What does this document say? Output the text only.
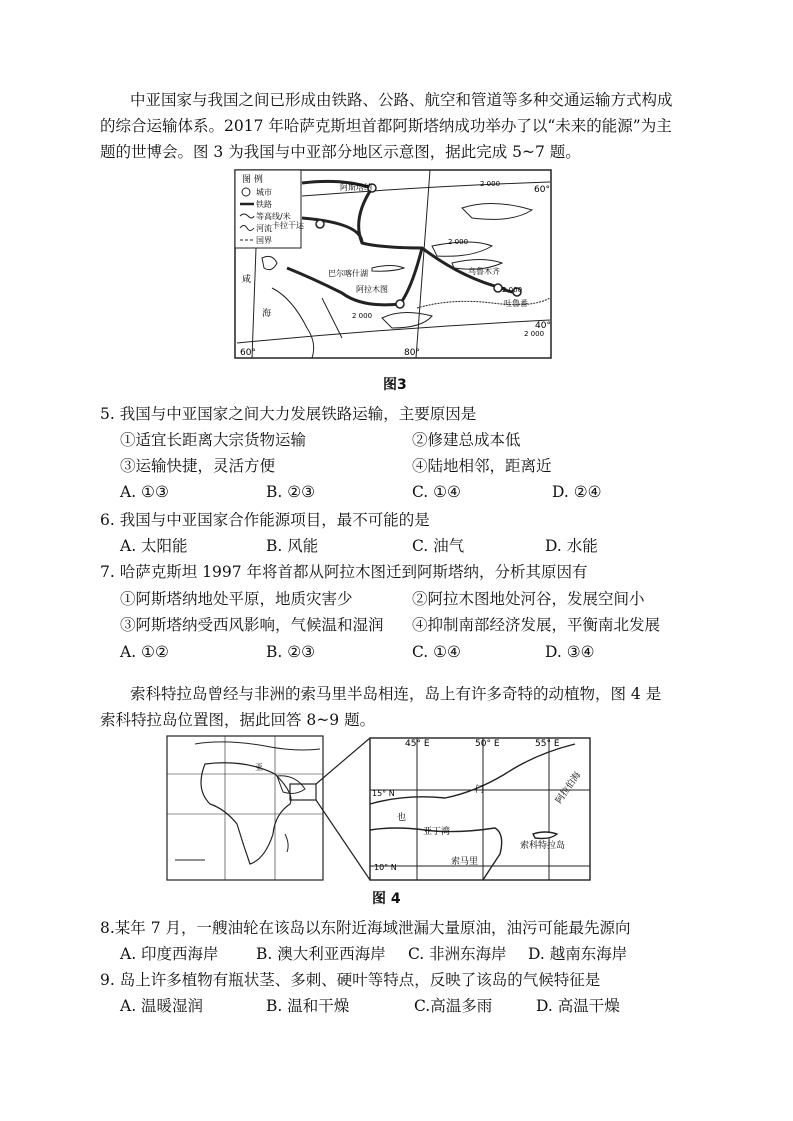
中亚国家与我国之间已形成由铁路、公路、航空和管道等多种交通运输方式构成
的综合运输体系。2017 年哈萨克斯坦首都阿斯塔纳成功举办了以“未来的能源”为主
题的世博会。图 3 为我国与中亚部分地区示意图，据此完成 5~7 题。
图 例
城市
铁路
等高线/米
河流
国界
60°
40°
60°	80°
阿斯塔纳
卡拉干达
阿拉木图
乌鲁木齐
吐鲁番
巴尔喀什湖
咸
海
2 000
2 000
2 000
2 000
2 000
图3
5. 我国与中亚国家之间大力发展铁路运输，主要原因是
①适宜长距离大宗货物运输	②修建总成本低
③运输快捷，灵活方便	④陆地相邻，距离近
A. ①③	B. ②③	C. ①④	D. ②④
6. 我国与中亚国家合作能源项目，最不可能的是
A. 太阳能	B. 风能	C. 油气	D. 水能
7. 哈萨克斯坦 1997 年将首都从阿拉木图迁到阿斯塔纳，分析其原因有
①阿斯塔纳地处平原，地质灾害少	②阿拉木图地处河谷，发展空间小
③阿斯塔纳受西风影响，气候温和湿润 ④抑制南部经济发展，平衡南北发展
A. ①②	B. ②③	C. ①④	D. ③④
索科特拉岛曾经与非洲的索马里半岛相连，岛上有许多奇特的动植物，图 4 是
索科特拉岛位置图，据此回答 8~9 题。
亚
45° E	50° E	55° E
15° N
10° N
门	阿拉伯海
亚丁湾
索科特拉岛
索马里
也
图 4
8.某年 7 月，一艘油轮在该岛以东附近海域泄漏大量原油，油污可能最先源向
A. 印度西海岸 B. 澳大利亚西海岸 C. 非洲东海岸 D. 越南东海岸
9. 岛上许多植物有瓶状茎、多刺、硬叶等特点，反映了该岛的气候特征是
A. 温暖湿润	B. 温和干燥	C.高温多雨	D. 高温干燥
